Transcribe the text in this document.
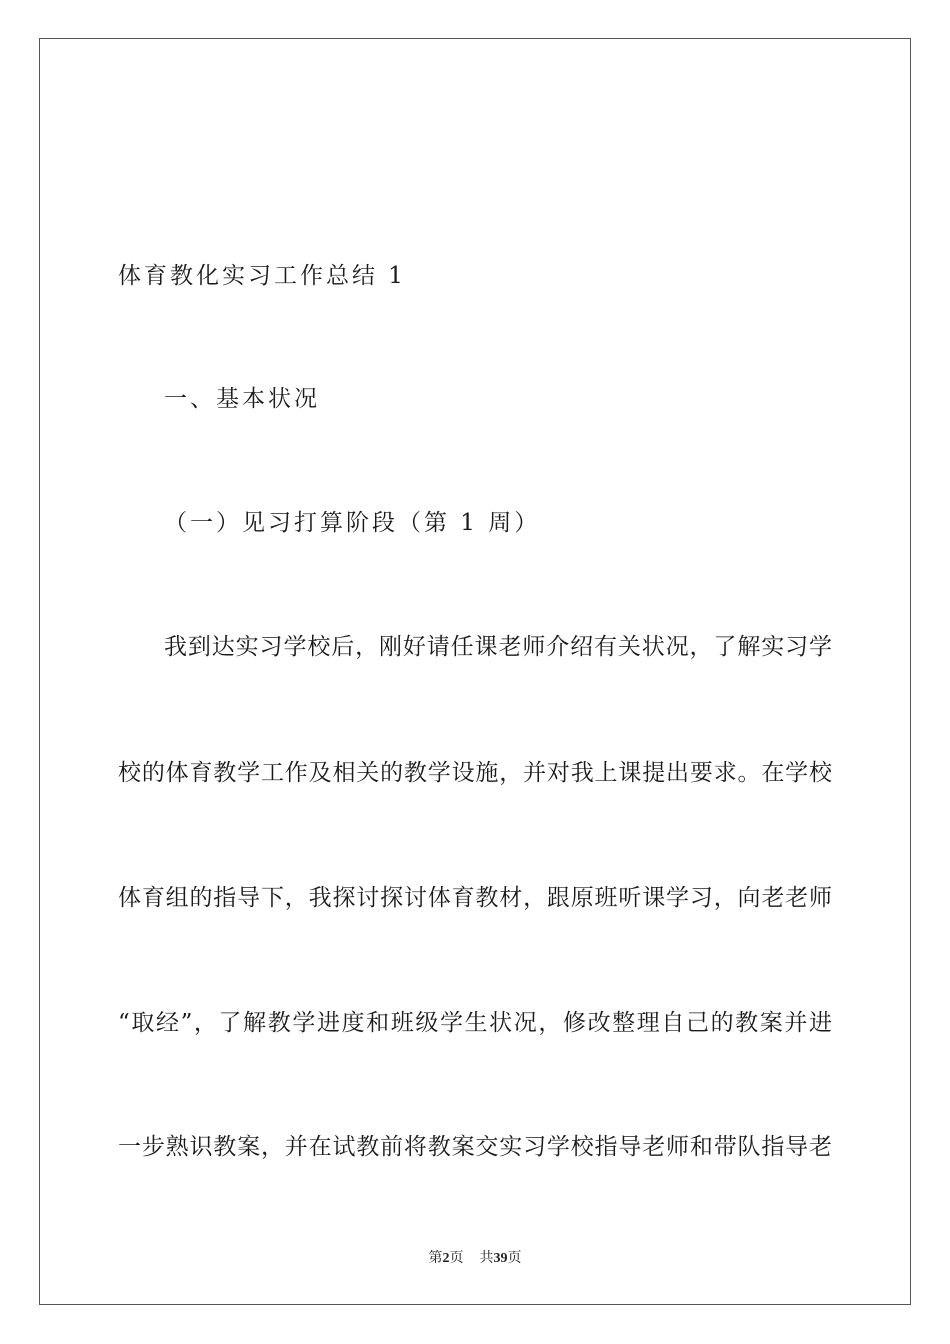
体育教化实习工作总结 1
一、基本状况
（一）见习打算阶段（第 1 周）
我到达实习学校后，刚好请任课老师介绍有关状况，了解实习学
校的体育教学工作及相关的教学设施，并对我上课提出要求。在学校
体育组的指导下，我探讨探讨体育教材，跟原班听课学习，向老老师
“取经”，了解教学进度和班级学生状况，修改整理自己的教案并进
一步熟识教案，并在试教前将教案交实习学校指导老师和带队指导老
第2页 共39页
